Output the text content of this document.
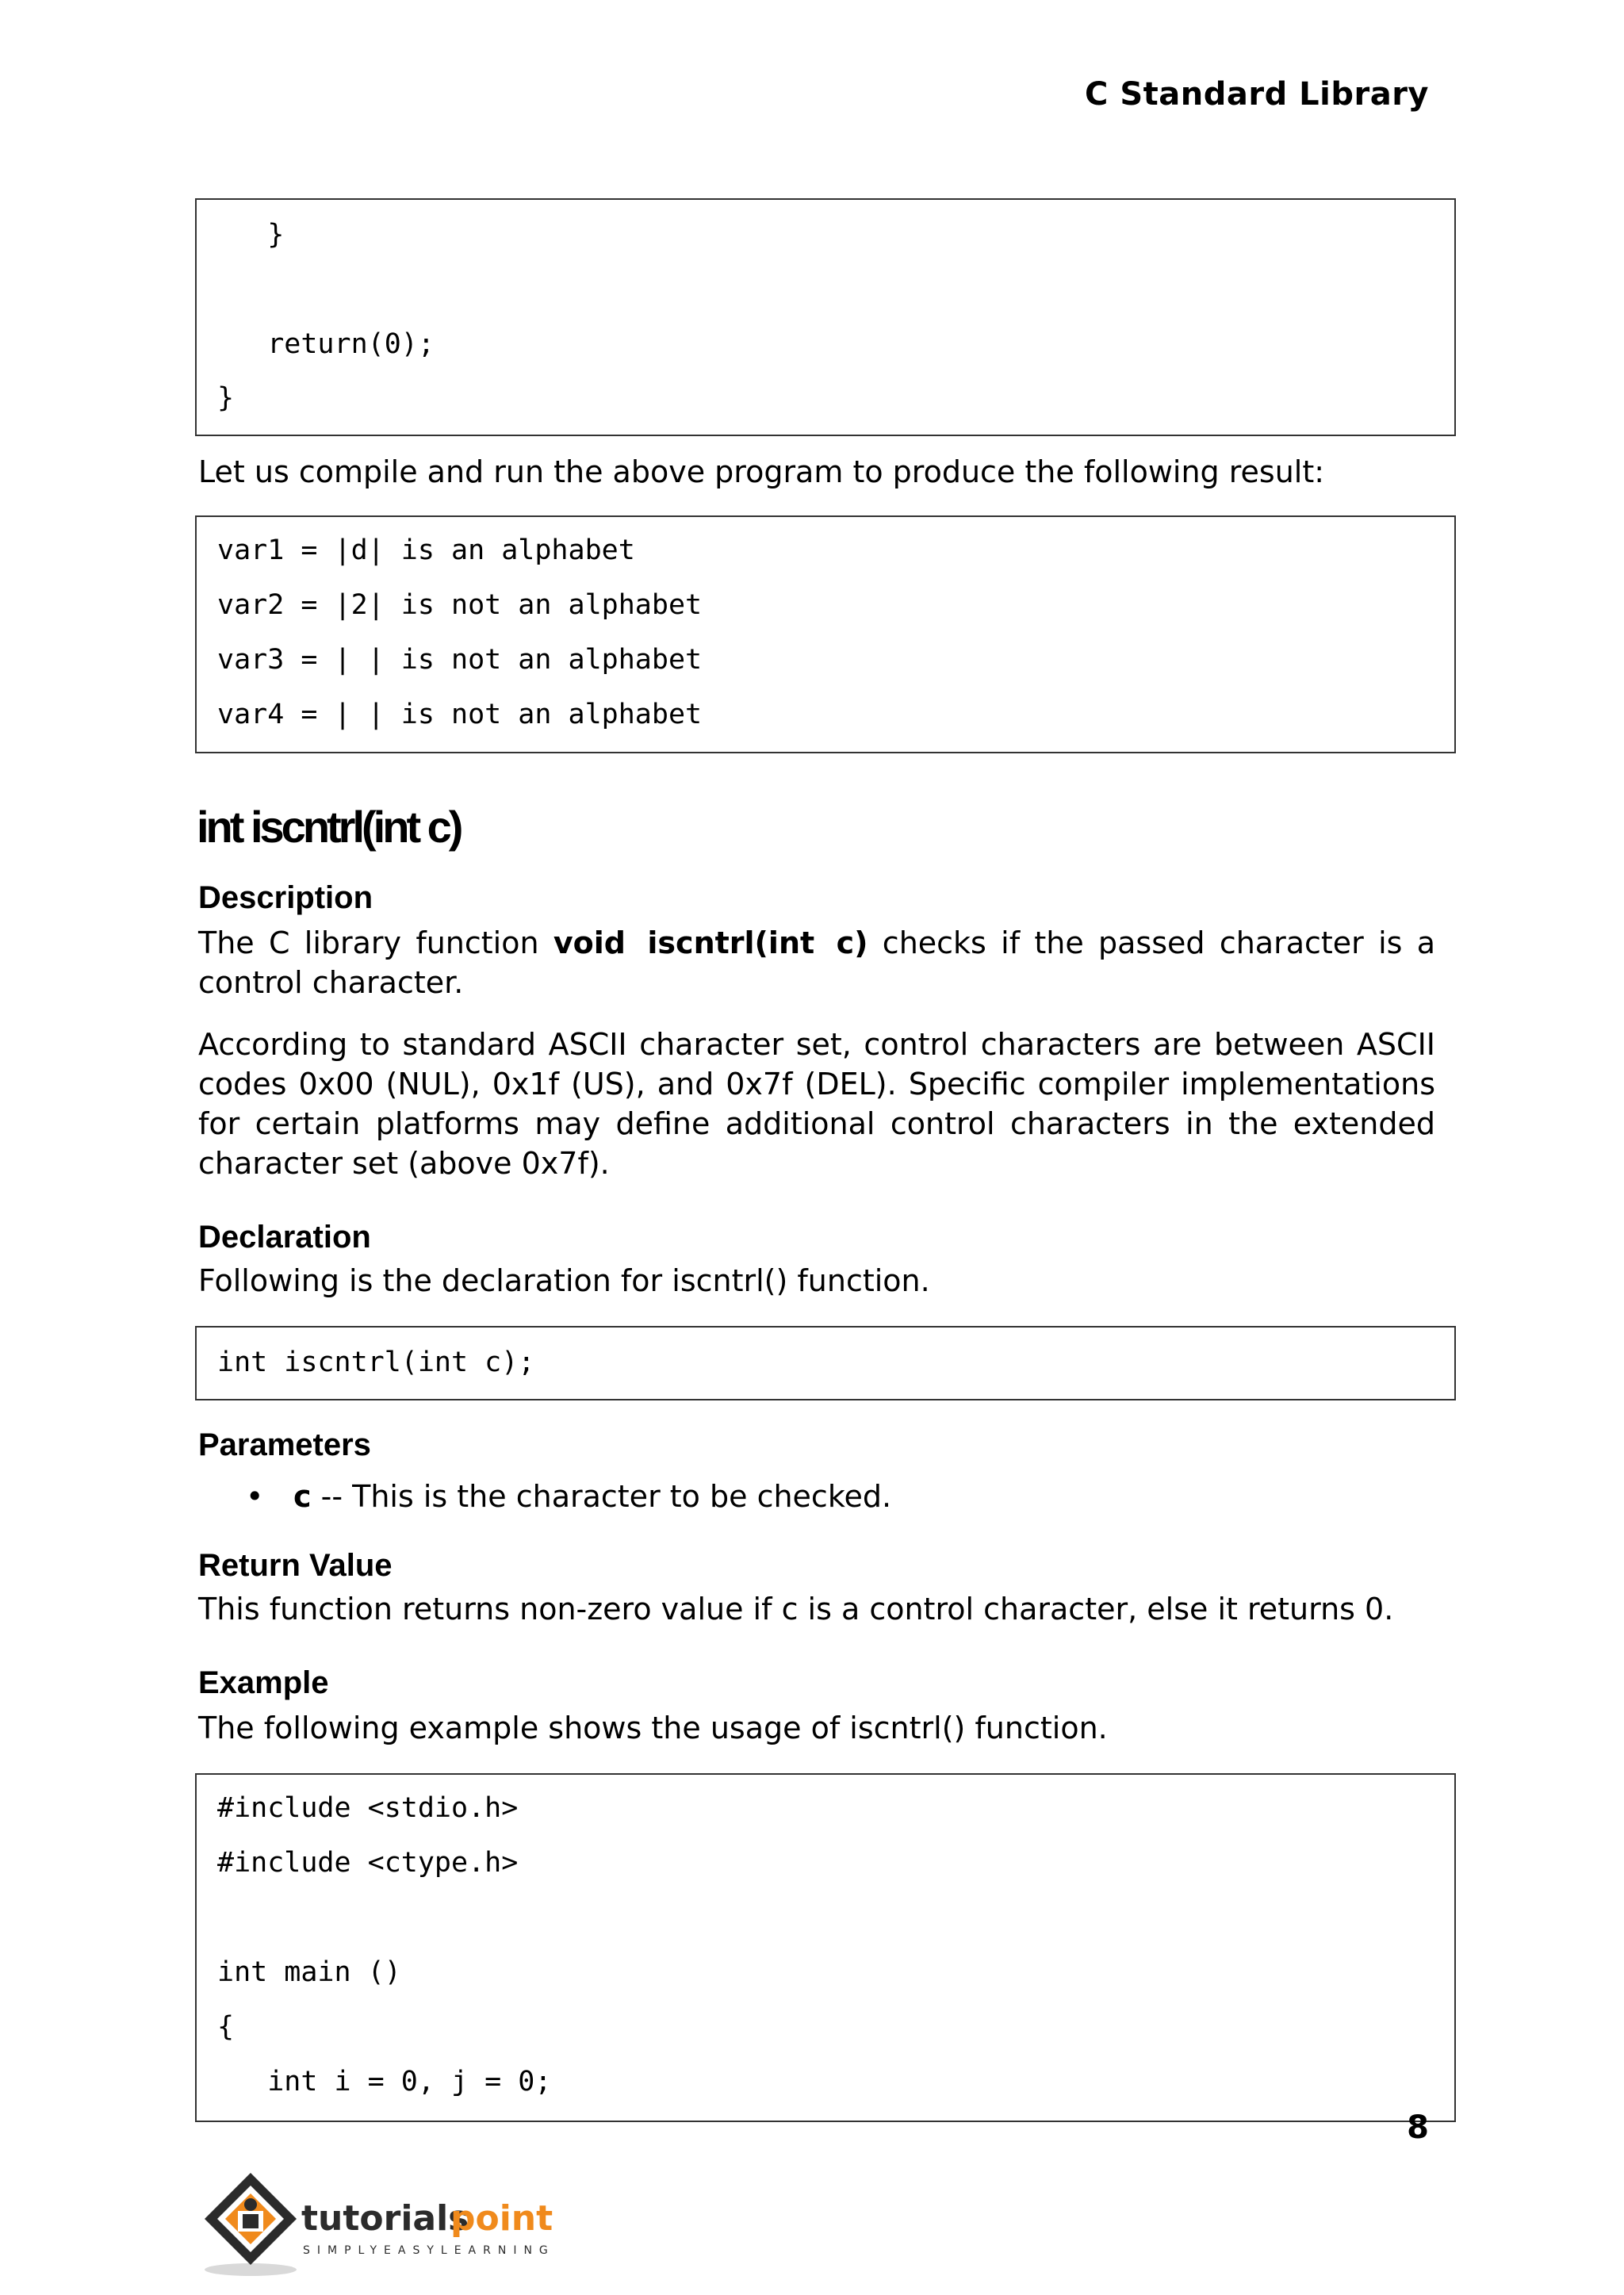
C Standard Library

}

return(0);

}

Let us compile and run the above program to produce the following result:

var1 = |d| is an alphabet

var2 = |2| is not an alphabet

var3 = |	| is not an alphabet

var4 = | | is not an alphabet

int iscntrl(int c)
Description
The C library function void iscntrl(int c) checks if the passed character is a control character.
According to standard ASCII character set, control characters are between ASCII codes 0x00 (NUL), 0x1f (US), and 0x7f (DEL). Specific compiler implementations for certain platforms may define additional control characters in the extended character set (above 0x7f).
Declaration
Following is the declaration for iscntrl() function.

int iscntrl(int c);

Parameters
• c -- This is the character to be checked.
Return Value
This function returns non-zero value if c is a control character, else it returns 0.
Example
The following example shows the usage of iscntrl() function.

#include <stdio.h>

#include <ctype.h>

int main ()

{

int i = 0, j = 0;

8
tutorials
point
SIMPLYEASYLEARNING
